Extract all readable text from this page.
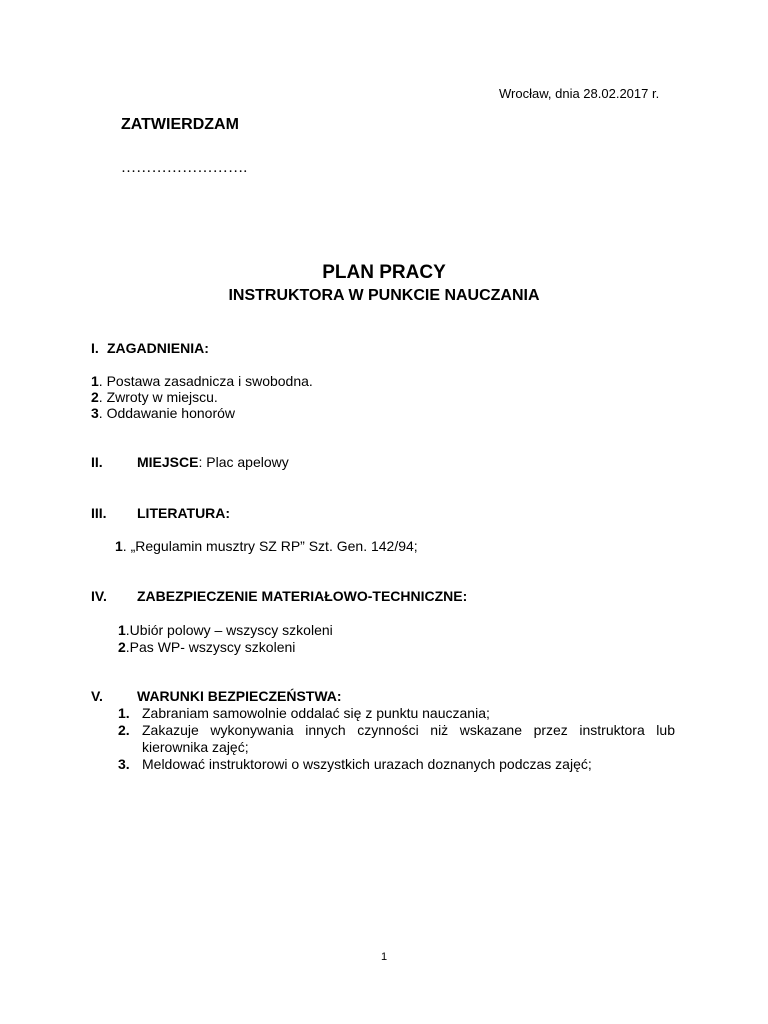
Wrocław, dnia 28.02.2017 r.
ZATWIERDZAM
…………………….
PLAN PRACY
INSTRUKTORA W PUNKCIE NAUCZANIA
I. ZAGADNIENIA:
1. Postawa zasadnicza i swobodna.
2. Zwroty w miejscu.
3. Oddawanie honorów
II. MIEJSCE: Plac apelowy
III. LITERATURA:
1. „Regulamin musztry SZ RP” Szt. Gen. 142/94;
IV. ZABEZPIECZENIE MATERIAŁOWO-TECHNICZNE:
1.Ubiór polowy – wszyscy szkoleni
2.Pas WP- wszyscy szkoleni
V. WARUNKI BEZPIECZEŃSTWA:
1. Zabraniam samowolnie oddalać się z punktu nauczania;
2. Zakazuje wykonywania innych czynności niż wskazane przez instruktora lub kierownika zajęć;
3. Meldować instruktorowi o wszystkich urazach doznanych podczas zajęć;
1
